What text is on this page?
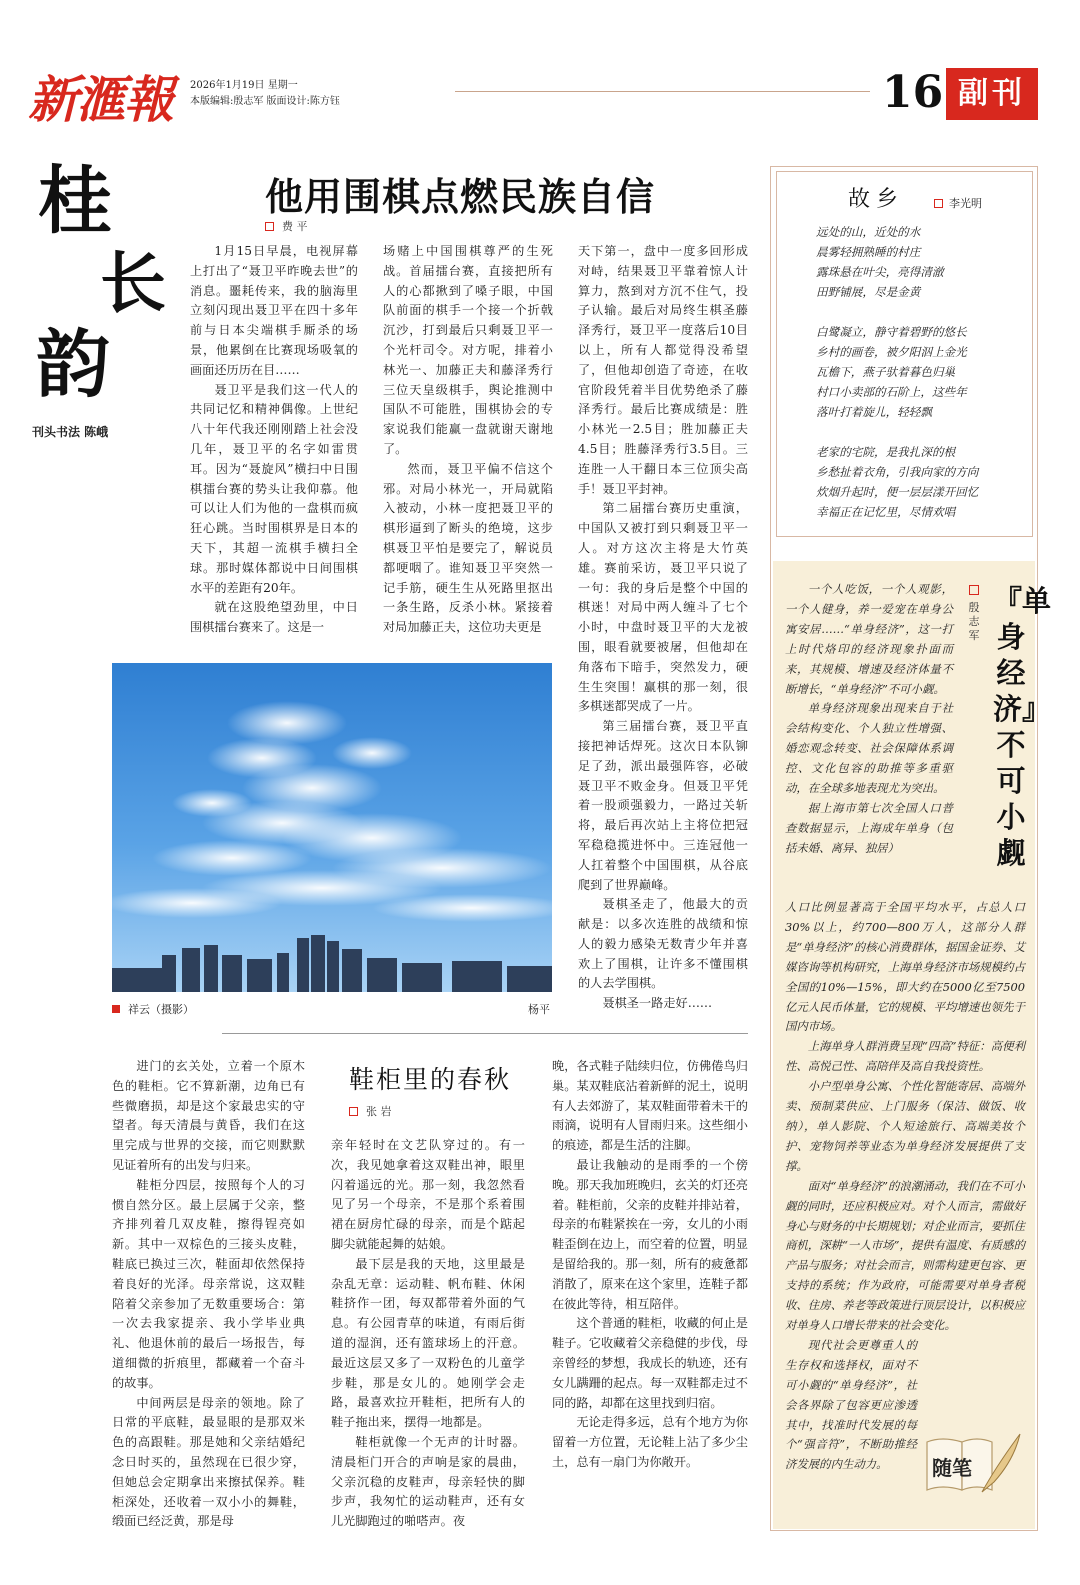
新滙報 2026年1月19日 星期一
本版编辑:殷志军 版面设计:陈方钰	16 副刊
桂
长
韵
刊头书法 陈峨
他用围棋点燃民族自信
费 平

1月15日早晨，电视屏幕上打出了“聂卫平昨晚去世”的消息。噩耗传来，我的脑海里立刻闪现出聂卫平在四十多年前与日本尖端棋手厮杀的场景，他累倒在比赛现场吸氧的画面还历历在目……

聂卫平是我们这一代人的共同记忆和精神偶像。上世纪八十年代我还刚刚踏上社会没几年，聂卫平的名字如雷贯耳。因为“聂旋风”横扫中日围棋擂台赛的势头让我仰慕。他可以让人们为他的一盘棋而疯狂心跳。当时围棋界是日本的天下，其超一流棋手横扫全球。那时媒体都说中日间围棋水平的差距有20年。

就在这股绝望劲里，中日围棋擂台赛来了。这是一

场赌上中国围棋尊严的生死战。首届擂台赛，直接把所有人的心都揪到了嗓子眼，中国队前面的棋手一个接一个折戟沉沙，打到最后只剩聂卫平一个光杆司令。对方呢，排着小林光一、加藤正夫和藤泽秀行三位天皇级棋手，舆论推测中国队不可能胜，围棋协会的专家说我们能赢一盘就谢天谢地了。

然而，聂卫平偏不信这个邪。对局小林光一，开局就陷入被动，小林一度把聂卫平的棋形逼到了断头的绝境，这步棋聂卫平怕是要完了，解说员都哽咽了。谁知聂卫平突然一记手筋，硬生生从死路里抠出一条生路，反杀小林。紧接着对局加藤正夫，这位功夫更是

天下第一，盘中一度多回形成对峙，结果聂卫平靠着惊人计算力，熬到对方沉不住气，投子认输。最后对局终生棋圣藤泽秀行，聂卫平一度落后10目以上，所有人都觉得没希望了，但他却创造了奇迹，在收官阶段凭着半目优势绝杀了藤泽秀行。最后比赛成绩是：胜小林光一2.5目；胜加藤正夫4.5目；胜藤泽秀行3.5目。三连胜一人干翻日本三位顶尖高手！聂卫平封神。

第二届擂台赛历史重演，中国队又被打到只剩聂卫平一人。对方这次主将是大竹英雄。赛前采访，聂卫平只说了一句：我的身后是整个中国的棋迷！对局中两人缠斗了七个小时，中盘时聂卫平的大龙被围，眼看就要被屠，但他却在角落布下暗手，突然发力，硬生生突围！赢棋的那一刻，很多棋迷都哭成了一片。

第三届擂台赛，聂卫平直接把神话焊死。这次日本队铆足了劲，派出最强阵容，必破聂卫平不败金身。但聂卫平凭着一股顽强毅力，一路过关斩将，最后再次站上主将位把冠军稳稳揽进怀中。三连冠他一人扛着整个中国围棋，从谷底爬到了世界巅峰。

聂棋圣走了，他最大的贡献是：以多次连胜的战绩和惊人的毅力感染无数青少年并喜欢上了围棋，让许多不懂围棋的人去学围棋。

聂棋圣一路走好……

祥云（摄影）	杨平
鞋柜里的春秋
张 岩

进门的玄关处，立着一个原木色的鞋柜。它不算新潮，边角已有些微磨损，却是这个家最忠实的守望者。每天清晨与黄昏，我们在这里完成与世界的交接，而它则默默见证着所有的出发与归来。

鞋柜分四层，按照每个人的习惯自然分区。最上层属于父亲，整齐排列着几双皮鞋，擦得锃亮如新。其中一双棕色的三接头皮鞋，鞋底已换过三次，鞋面却依然保持着良好的光泽。母亲常说，这双鞋陪着父亲参加了无数重要场合：第一次去我家提亲、我小学毕业典礼、他退休前的最后一场报告，每道细微的折痕里，都藏着一个奋斗的故事。

中间两层是母亲的领地。除了日常的平底鞋，最显眼的是那双米色的高跟鞋。那是她和父亲结婚纪念日时买的，虽然现在已很少穿，但她总会定期拿出来擦拭保养。鞋柜深处，还收着一双小小的舞鞋，缎面已经泛黄，那是母

亲年轻时在文艺队穿过的。有一次，我见她拿着这双鞋出神，眼里闪着遥远的光。那一刻，我忽然看见了另一个母亲，不是那个系着围裙在厨房忙碌的母亲，而是个踮起脚尖就能起舞的姑娘。

最下层是我的天地，这里最是杂乱无章：运动鞋、帆布鞋、休闲鞋挤作一团，每双都带着外面的气息。有公园青草的味道，有雨后街道的湿润，还有篮球场上的汗意。最近这层又多了一双粉色的儿童学步鞋，那是女儿的。她刚学会走路，最喜欢拉开鞋柜，把所有人的鞋子拖出来，摆得一地都是。

鞋柜就像一个无声的计时器。清晨柜门开合的声响是家的晨曲，父亲沉稳的皮鞋声，母亲轻快的脚步声，我匆忙的运动鞋声，还有女儿光脚跑过的啪嗒声。夜

晚，各式鞋子陆续归位，仿佛倦鸟归巢。某双鞋底沾着新鲜的泥土，说明有人去郊游了，某双鞋面带着未干的雨滴，说明有人冒雨归来。这些细小的痕迹，都是生活的注脚。

最让我触动的是雨季的一个傍晚。那天我加班晚归，玄关的灯还亮着。鞋柜前，父亲的皮鞋并排站着，母亲的布鞋紧挨在一旁，女儿的小雨鞋歪倒在边上，而空着的位置，明显是留给我的。那一刻，所有的疲惫都消散了，原来在这个家里，连鞋子都在彼此等待，相互陪伴。

这个普通的鞋柜，收藏的何止是鞋子。它收藏着父亲稳健的步伐，母亲曾经的梦想，我成长的轨迹，还有女儿蹒跚的起点。每一双鞋都走过不同的路，却都在这里找到归宿。

无论走得多远，总有个地方为你留着一方位置，无论鞋上沾了多少尘土，总有一扇门为你敞开。

故乡	李光明
远处的山，近处的水
晨雾轻拥熟睡的村庄
露珠悬在叶尖，亮得清澈
田野铺展，尽是金黄
白鹭凝立，静守着碧野的悠长
乡村的画卷，被夕阳泅上金光
瓦檐下，燕子驮着暮色归巢
村口小卖部的石阶上，这些年
落叶打着旋儿，轻轻飘
老家的宅院，是我扎深的根
乡愁扯着衣角，引我向家的方向
炊烟升起时，便一层层漾开回忆
幸福正在记忆里，尽情欢唱
『单身经济』不可小觑
殷志军

一个人吃饭，一个人观影，一个人健身，养一爱宠在单身公寓安居……“单身经济”，这一打上时代烙印的经济现象扑面而来，其规模、增速及经济体量不断增长，“单身经济”不可小觑。

单身经济现象出现来自于社会结构变化、个人独立性增强、婚恋观念转变、社会保障体系调控、文化包容的助推等多重驱动，在全球多地表现尤为突出。

据上海市第七次全国人口普查数据显示，上海成年单身（包括未婚、离异、独居）

人口比例显著高于全国平均水平，占总人口30%以上，约700—800万人，这部分人群是“单身经济”的核心消费群体，据国金证券、艾媒咨询等机构研究，上海单身经济市场规模约占全国的10%—15%，即大约在5000亿至7500亿元人民币体量，它的规模、平均增速也领先于国内市场。

上海单身人群消费呈现“四高”特征：高便利性、高悦己性、高陪伴及高自我投资性。

小户型单身公寓、个性化智能寄居、高端外卖、预制菜供应、上门服务（保洁、做饭、收纳），单人影院、个人短途旅行、高端美妆个护、宠物饲养等业态为单身经济发展提供了支撑。

面对“单身经济”的浪潮涌动，我们在不可小觑的同时，还应积极应对。对个人而言，需做好身心与财务的中长期规划；对企业而言，要抓住商机，深耕“一人市场”，提供有温度、有质感的产品与服务；对社会而言，则需构建更包容、更支持的系统；作为政府，可能需要对单身者税收、住房、养老等政策进行顶层设计，以积极应对单身人口增长带来的社会变化。

现代社会更尊重人的生存权和选择权，面对不可小觑的“单身经济”，社会各界除了包容更应渗透其中，找准时代发展的每个“强音符”，不断助推经济发展的内生动力。	随笔
